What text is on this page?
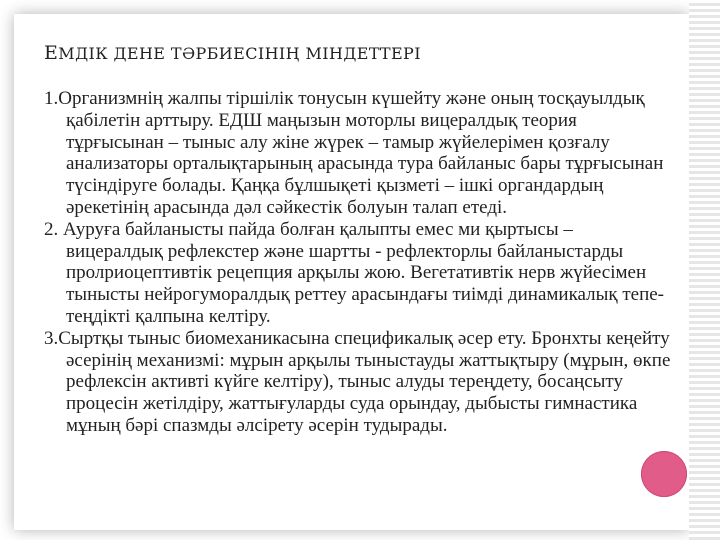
ЕМДІК ДЕНЕ ТӘРБИЕСІНІҢ МІНДЕТТЕРІ

1.Организмнің жалпы тіршілік тонусын күшейту және оның тосқауылдық қабілетін арттыру. ЕДШ маңызын моторлы вицералдық теория тұрғысынан – тыныс алу жіне жүрек – тамыр жүйелерімен қозғалу анализаторы орталықтарының арасында тура байланыс бары тұрғысынан түсіндіруге болады. Қаңқа бұлшықеті қызметі – ішкі органдардың әрекетінің арасында дәл сәйкестік болуын талап етеді.

2. Ауруға байланысты пайда болған қалыпты емес ми қыртысы – вицералдық рефлекстер және шартты - рефлекторлы байланыстарды пролриоцептивтік рецепция арқылы жою. Вегетативтік нерв жүйесімен тынысты нейрогуморалдық реттеу арасындағы тиімді динамикалық тепе-теңдікті қалпына келтіру.

3.Сыртқы тыныс биомеханикасына спецификалық әсер ету. Бронхты кеңейту әсерінің механизмі: мұрын арқылы тыныстауды жаттықтыру (мұрын, өкпе рефлексін активті күйге келтіру), тыныс алуды тереңдету, босаңсыту процесін жетілдіру, жаттығуларды суда орындау, дыбысты гимнастика мұның бәрі спазмды әлсірету әсерін тудырады.
